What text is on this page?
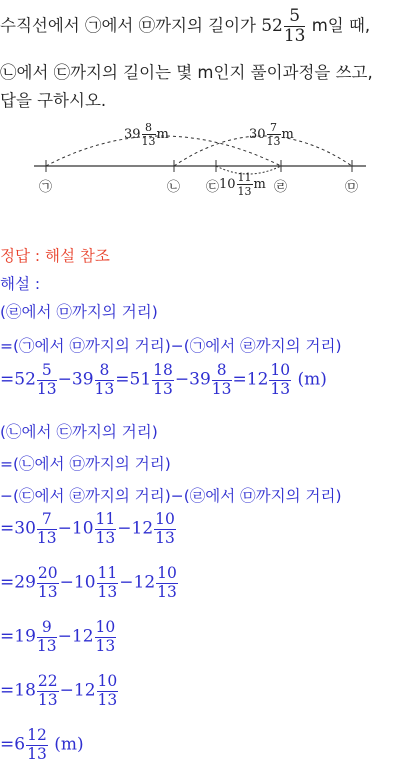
수직선에서 ㉠에서 ㉤까지의 길이가 $52 \frac{5}{13}$ m일 때,
㉡에서 ㉢까지의 길이는 몇 m인지 풀이과정을 쓰고,
답을 구하시오.
$39 \frac{8}{13}$ m	$30 \frac{7}{13}$ m
$10 \frac{11}{13}$ m
㉠	㉡ ㉢	㉣	㉤
정답 : 해설 참조
해설 :
(㉣에서 ㉤까지의 거리)
=(㉠에서 ㉤까지의 거리)−(㉠에서 ㉣까지의 거리)
$=52 \frac{5}{13} -39 \frac{8}{13} =51 \frac{18}{13} -39 \frac{8}{13} =12 \frac{10}{13} (m)$
(㉡에서 ㉢까지의 거리)
=(㉡에서 ㉤까지의 거리)
−(㉢에서 ㉣까지의 거리)−(㉣에서 ㉤까지의 거리)
$=30 \frac{7}{13} -10 \frac{11}{13} -12 \frac{10}{13}$
$=29 \frac{20}{13} -10 \frac{11}{13} -12 \frac{10}{13}$
$=19 \frac{9}{13} -12 \frac{10}{13}$
$=18 \frac{22}{13} -12 \frac{10}{13}$
$=6 \frac{12}{13} (m)$
